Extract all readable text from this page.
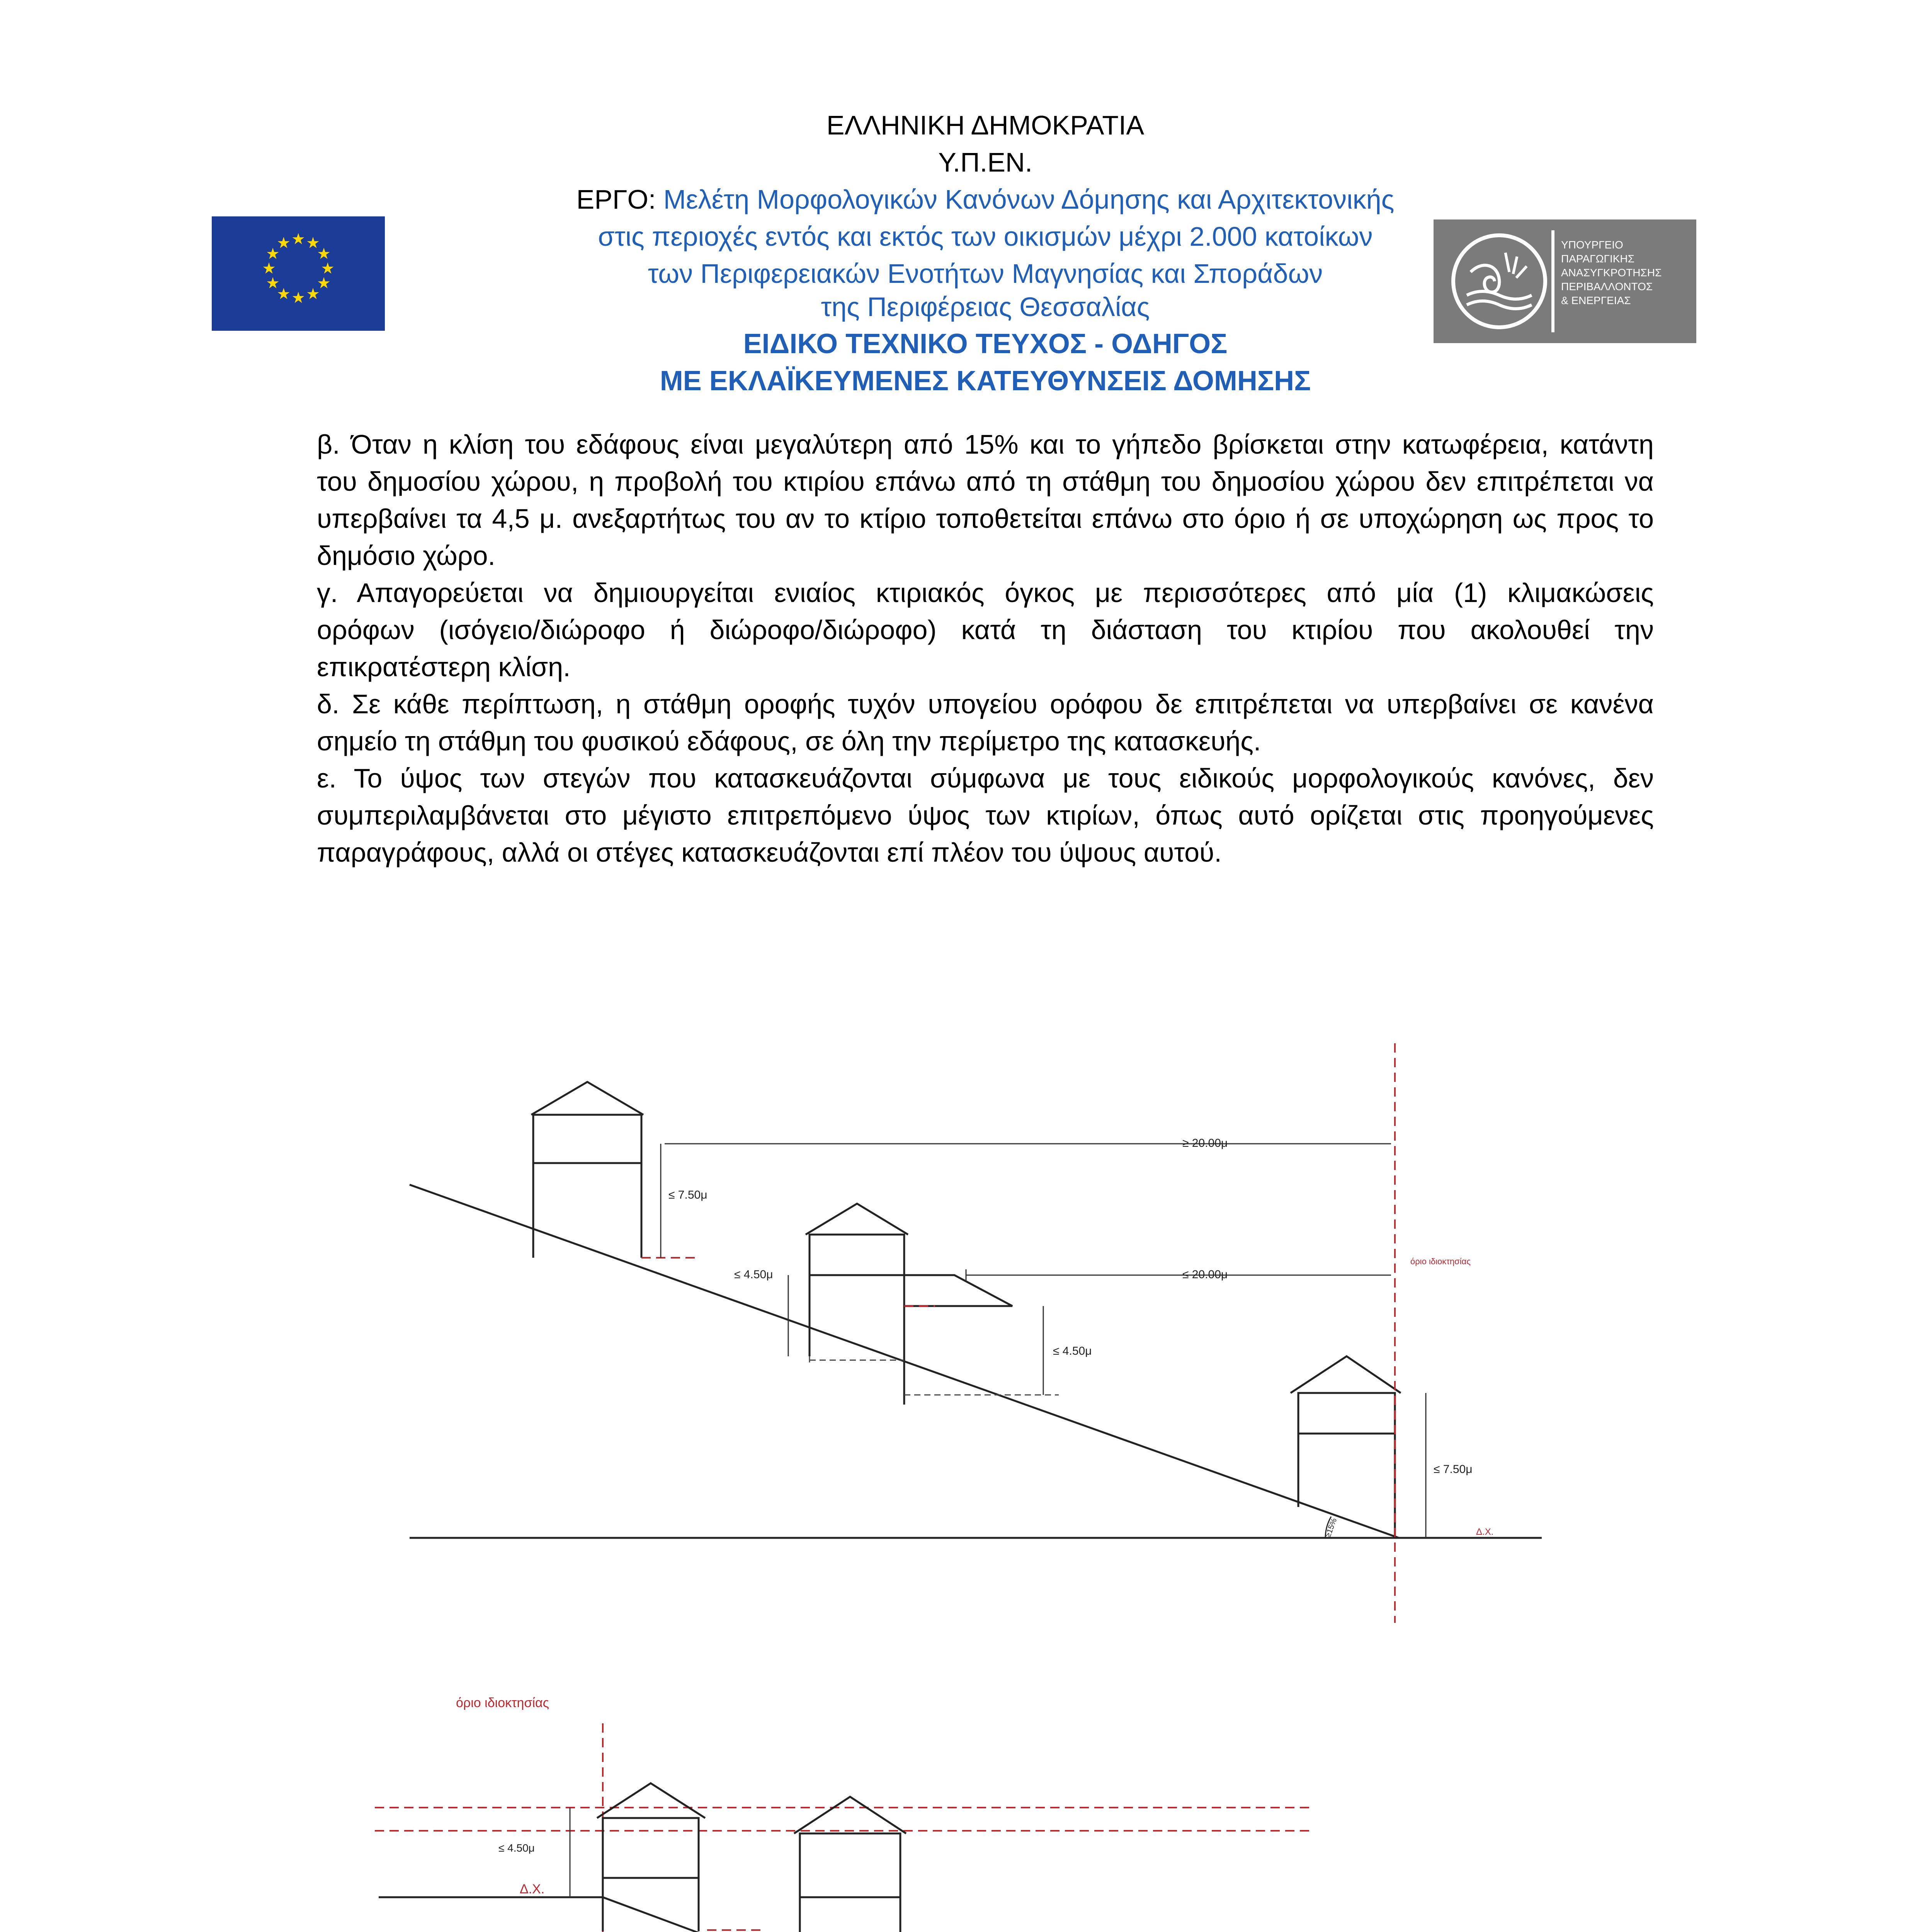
ΕΛΛΗΝΙΚΗ ΔΗΜΟΚΡΑΤΙΑ
Υ.Π.ΕΝ.
ΕΡΓΟ: Μελέτη Μορφολογικών Κανόνων Δόμησης και Αρχιτεκτονικής
στις περιοχές εντός και εκτός των οικισμών μέχρι 2.000 κατοίκων
των Περιφερειακών Ενοτήτων Μαγνησίας και Σποράδων
της Περιφέρειας Θεσσαλίας
ΕΙΔΙΚΟ ΤΕΧΝΙΚΟ ΤΕΥΧΟΣ - ΟΔΗΓΟΣ
ΜΕ ΕΚΛΑΪΚΕΥΜΕΝΕΣ ΚΑΤΕΥΘΥΝΣΕΙΣ ΔΟΜΗΣΗΣ
★ ★
★
★
★
★
★
★
★
★
★
★	ΥΠΟΥΡΓΕΙΟ
ΠΑΡΑΓΩΓΙΚΗΣ
ΑΝΑΣΥΓΚΡΟΤΗΣΗΣ
ΠΕΡΙΒΑΛΛΟΝΤΟΣ
& ΕΝΕΡΓΕΙΑΣ
β. Όταν η κλίση του εδάφους είναι μεγαλύτερη από 15% και το γήπεδο βρίσκεται στην κατωφέρεια, κατάντη
του δημοσίου χώρου, η προβολή του κτιρίου επάνω από τη στάθμη του δημοσίου χώρου δεν επιτρέπεται να
υπερβαίνει τα 4,5 μ. ανεξαρτήτως του αν το κτίριο τοποθετείται επάνω στο όριο ή σε υποχώρηση ως προς το
δημόσιο χώρο.
γ. Απαγορεύεται να δημιουργείται ενιαίος κτιριακός όγκος με περισσότερες από μία (1) κλιμακώσεις
ορόφων (ισόγειο/διώροφο ή διώροφο/διώροφο) κατά τη διάσταση του κτιρίου που ακολουθεί την
επικρατέστερη κλίση.
δ. Σε κάθε περίπτωση, η στάθμη οροφής τυχόν υπογείου ορόφου δε επιτρέπεται να υπερβαίνει σε κανένα
σημείο τη στάθμη του φυσικού εδάφους, σε όλη την περίμετρο της κατασκευής.
ε. Το ύψος των στεγών που κατασκευάζονται σύμφωνα με τους ειδικούς μορφολογικούς κανόνες, δεν
συμπεριλαμβάνεται στο μέγιστο επιτρεπόμενο ύψος των κτιρίων, όπως αυτό ορίζεται στις προηγούμενες
παραγράφους, αλλά οι στέγες κατασκευάζονται επί πλέον του ύψους αυτού.
≥ 20.00μ
≤ 20.00μ
≤ 7.50μ
≤ 4.50μ
≤ 4.50μ
≤ 7.50μ
όριο ιδιοκτησίας
Δ.Χ.
≥15%
όριο ιδιοκτησίας
≤ 4.50μ
Δ.Χ.
